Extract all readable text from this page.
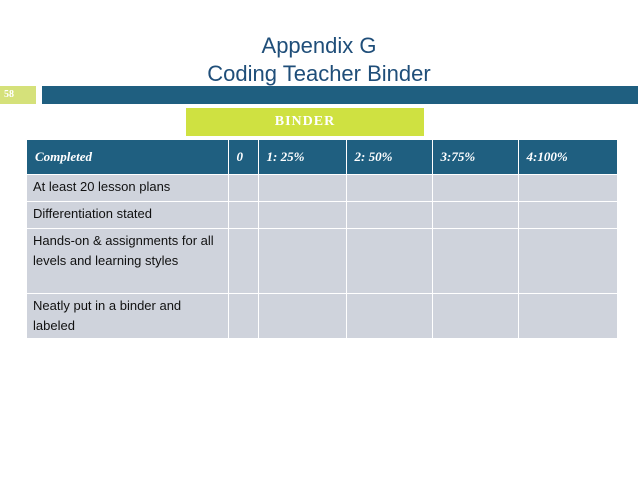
Appendix G
Coding Teacher Binder
58
BINDER
Completed	0	1: 25%	2: 50%	3:75%	4:100%
At least 20 lesson plans					
Differentiation stated					
Hands-on & assignments for all levels and learning styles					
Neatly put in a binder and labeled					
